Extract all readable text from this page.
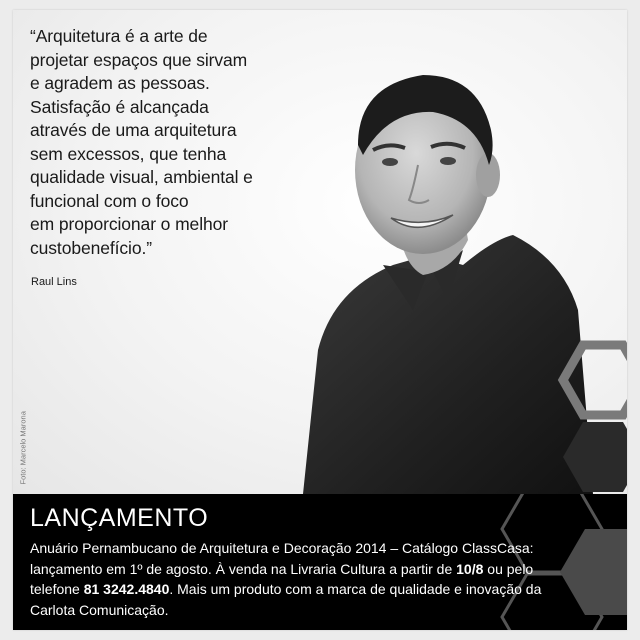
“Arquitetura é a arte de
projetar espaços que sirvam
e agradem as pessoas.
Satisfação é alcançada
através de uma arquitetura
sem excessos, que tenha
qualidade visual, ambiental e
funcional com o foco
em proporcionar o melhor
custobenefício.”
Raul Lins
Foto: Marcelo Marona
LANÇAMENTO
Anuário Pernambucano de Arquitetura e Decoração 2014 – Catálogo ClassCasa:
lançamento em 1º de agosto. À venda na Livraria Cultura a partir de 10/8 ou pelo
telefone 81 3242.4840. Mais um produto com a marca de qualidade e inovação da
Carlota Comunicação.
